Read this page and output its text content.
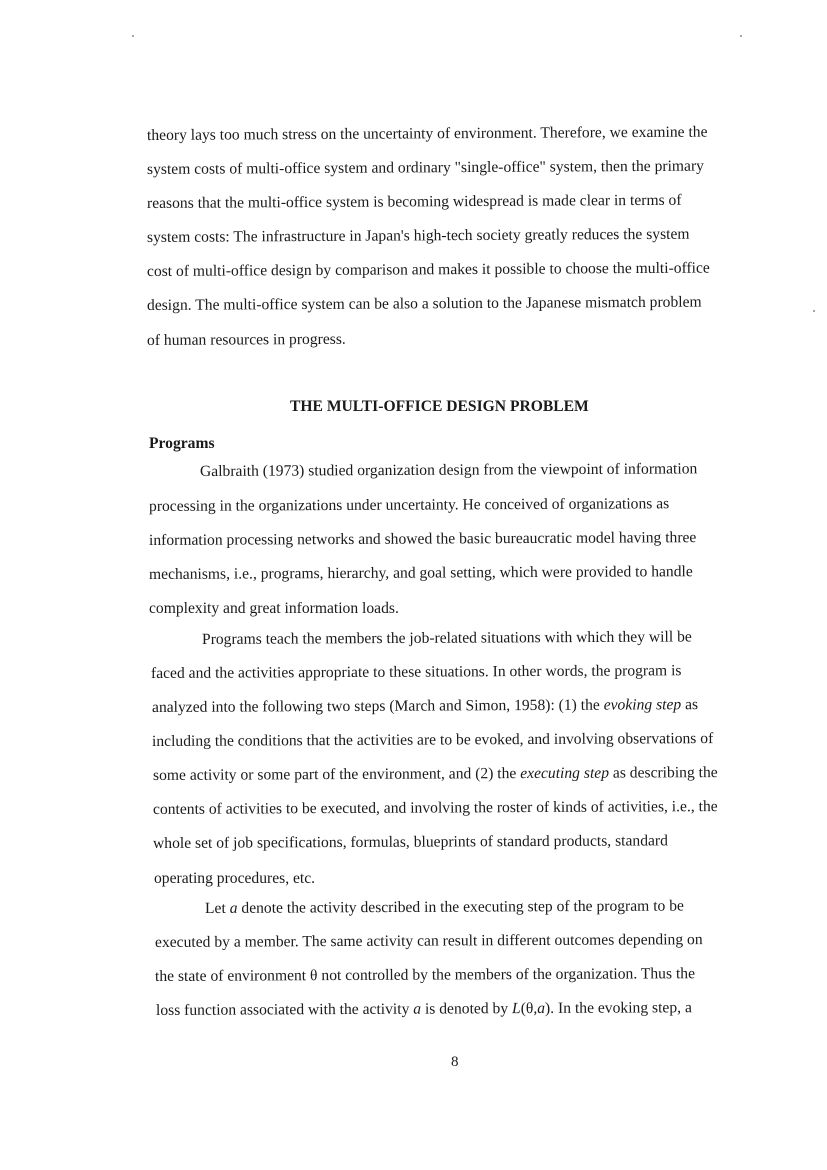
theory lays too much stress on the uncertainty of environment. Therefore, we examine the
system costs of multi-office system and ordinary "single-office" system, then the primary
reasons that the multi-office system is becoming widespread is made clear in terms of
system costs: The infrastructure in Japan's high-tech society greatly reduces the system
cost of multi-office design by comparison and makes it possible to choose the multi-office
design. The multi-office system can be also a solution to the Japanese mismatch problem
of human resources in progress.
THE MULTI-OFFICE DESIGN PROBLEM
Programs
Galbraith (1973) studied organization design from the viewpoint of information
processing in the organizations under uncertainty. He conceived of organizations as
information processing networks and showed the basic bureaucratic model having three
mechanisms, i.e., programs, hierarchy, and goal setting, which were provided to handle
complexity and great information loads.
Programs teach the members the job-related situations with which they will be
faced and the activities appropriate to these situations. In other words, the program is
analyzed into the following two steps (March and Simon, 1958): (1) the evoking step as
including the conditions that the activities are to be evoked, and involving observations of
some activity or some part of the environment, and (2) the executing step as describing the
contents of activities to be executed, and involving the roster of kinds of activities, i.e., the
whole set of job specifications, formulas, blueprints of standard products, standard
operating procedures, etc.
Let a denote the activity described in the executing step of the program to be
executed by a member. The same activity can result in different outcomes depending on
the state of environment θ not controlled by the members of the organization. Thus the
loss function associated with the activity a is denoted by L(θ,a). In the evoking step, a
8
